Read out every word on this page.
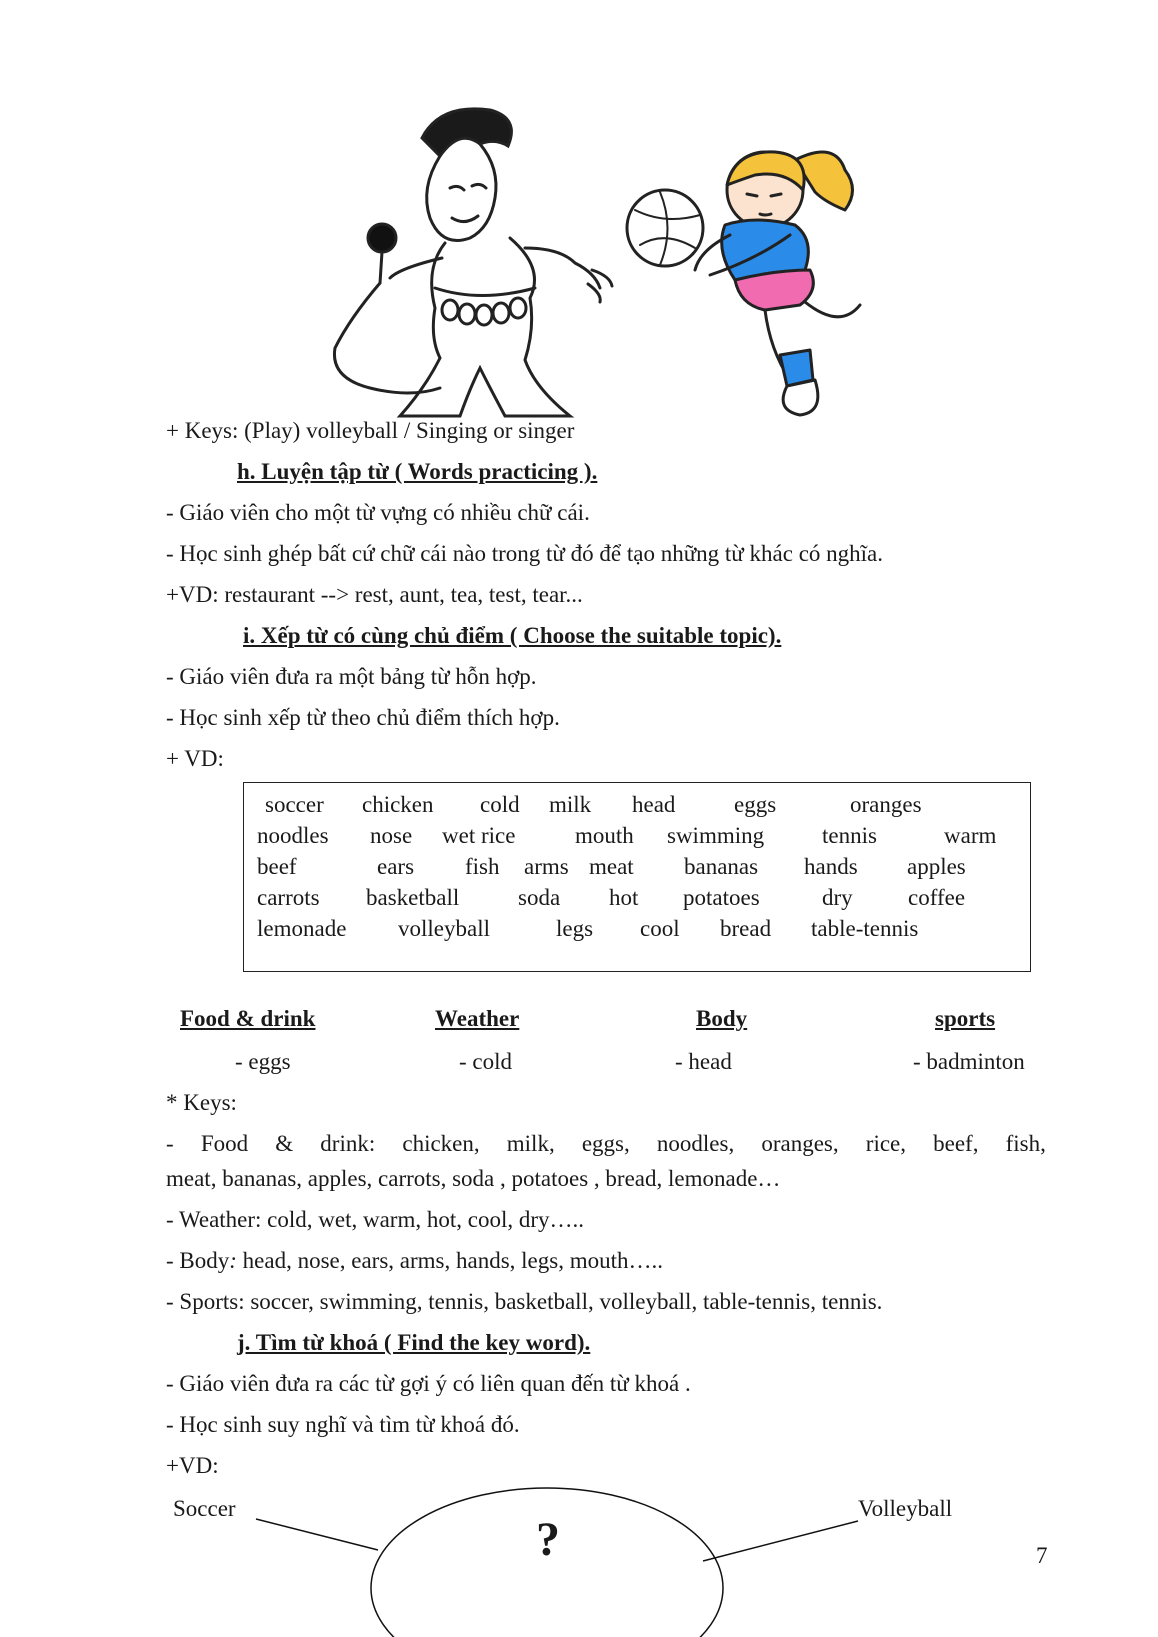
+ Keys: (Play) volleyball / Singing or singer
h. Luyện tập từ ( Words practicing ).
- Giáo viên cho một từ vựng có nhiều chữ cái.
- Học sinh ghép bất cứ chữ cái nào trong từ đó để tạo những từ khác có nghĩa.
+VD: restaurant --> rest, aunt, tea, test, tear...
i. Xếp từ có cùng chủ điểm ( Choose the suitable topic).
- Giáo viên đưa ra một bảng từ hỗn hợp.
- Học sinh xếp từ theo chủ điểm thích hợp.
+ VD:
soccer chicken cold milk head	eggs	oranges
noodles nose wet rice	mouth swimming	tennis	warm
beef	ears fish arms meat bananas hands apples
carrots basketball	soda hot potatoes	dry coffee
lemonade volleyball	legs cool bread table-tennis
Food & drink	Weather	Body	sports
- eggs	- cold	- head	- badminton
* Keys:
- Food & drink: chicken, milk, eggs, noodles, oranges, rice, beef, fish,
meat, bananas, apples, carrots, soda , potatoes , bread, lemonade…
- Weather: cold, wet, warm, hot, cool, dry…..
- Body: head, nose, ears, arms, hands, legs, mouth…..
- Sports: soccer, swimming, tennis, basketball, volleyball, table-tennis, tennis.
j. Tìm từ khoá ( Find the key word).
- Giáo viên đưa ra các từ gợi ý có liên quan đến từ khoá .
- Học sinh suy nghĩ và tìm từ khoá đó.
+VD:
Soccer	Volleyball
?	7
